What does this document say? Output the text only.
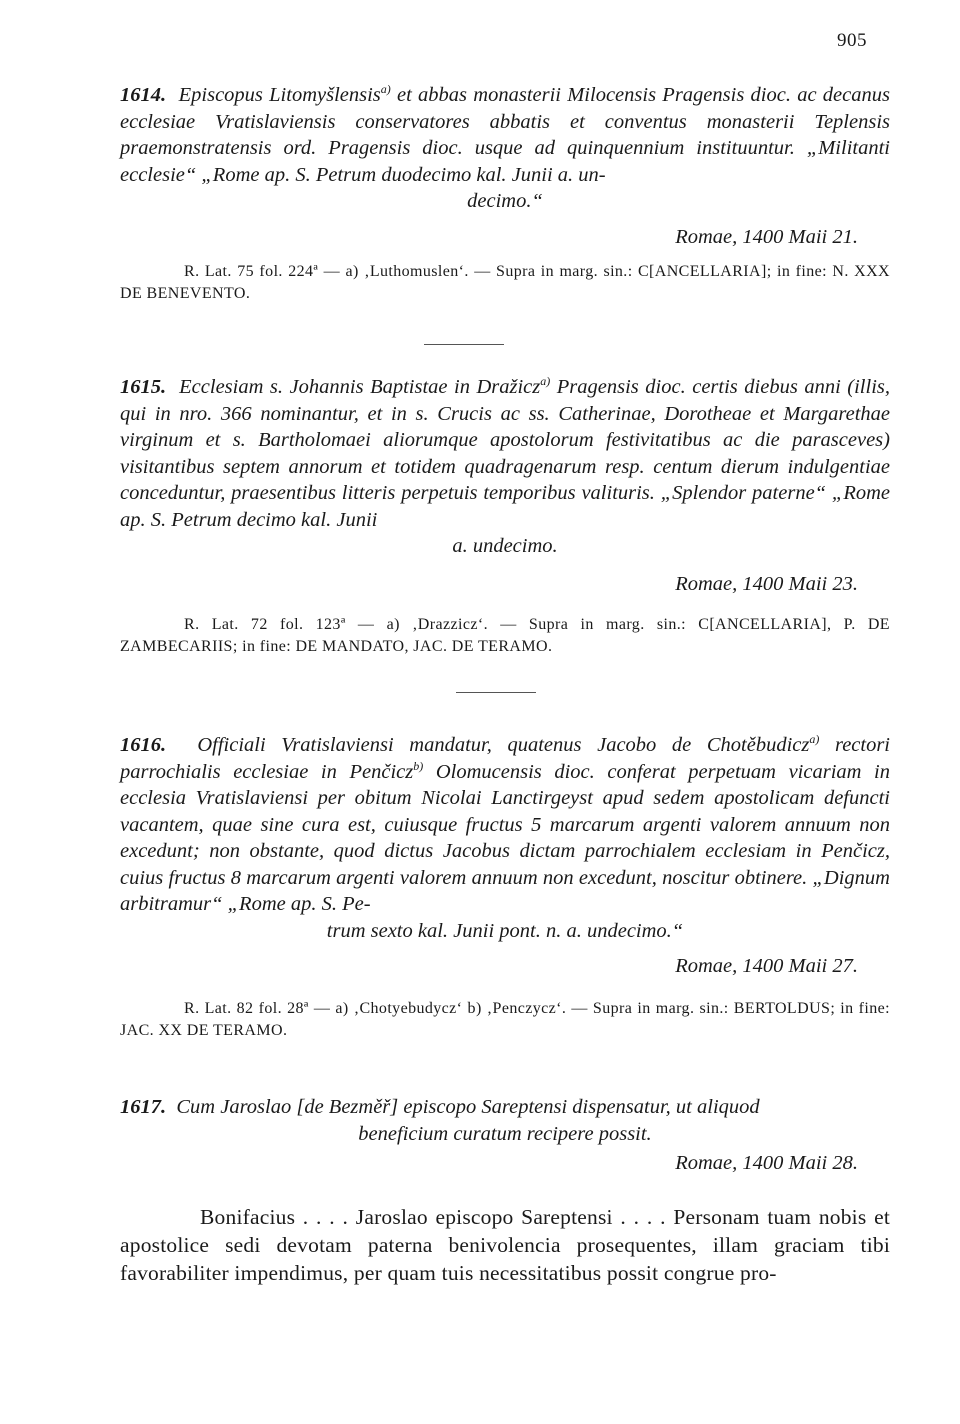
905

1614. Episcopus Litomyšlensis$^{a)}$ et abbas monasterii Milocensis Pragensis dioc. ac decanus ecclesiae Vratislaviensis conservatores abbatis et conventus monasterii Teplensis praemonstratensis ord. Pragensis dioc. usque ad quinquennium instituuntur. „Militanti ecclesie“ „Rome ap. S. Petrum duodecimo kal. Junii a. un-

decimo.“

Romae, 1400 Maii 21.

R. Lat. 75 fol. 224ª — a) ‚Luthomuslen‘. — Supra in marg. sin.: C[ANCELLARIA]; in fine: N. XXX DE BENEVENTO.

1615. Ecclesiam s. Johannis Baptistae in Dražicz$^{a)}$ Pragensis dioc. certis diebus anni (illis, qui in nro. 366 nominantur, et in s. Crucis ac ss. Catherinae, Dorotheae et Margarethae virginum et s. Bartholomaei aliorumque apostolorum festivitatibus ac die parasceves) visitantibus septem annorum et totidem quadragenarum resp. centum dierum indulgentiae conceduntur, praesentibus litteris perpetuis temporibus valituris. „Splendor paterne“ „Rome ap. S. Petrum decimo kal. Junii

a. undecimo.

Romae, 1400 Maii 23.

R. Lat. 72 fol. 123ª — a) ‚Drazzicz‘. — Supra in marg. sin.: C[ANCELLARIA], P. DE ZAMBECARIIS; in fine: DE MANDATO, JAC. DE TERAMO.

1616. Officiali Vratislaviensi mandatur, quatenus Jacobo de Chotěbudicz$^{a)}$ rectori parrochialis ecclesiae in Penčicz$^{b)}$ Olomucensis dioc. conferat perpetuam vicariam in ecclesia Vratislaviensi per obitum Nicolai Lanctirgeyst apud sedem apostolicam defuncti vacantem, quae sine cura est, cuiusque fructus 5 marcarum argenti valorem annuum non excedunt; non obstante, quod dictus Jacobus dictam parrochialem ecclesiam in Penčicz, cuius fructus 8 marcarum argenti valorem annuum non excedunt, noscitur obtinere. „Dignum arbitramur“ „Rome ap. S. Pe-

trum sexto kal. Junii pont. n. a. undecimo.“

Romae, 1400 Maii 27.

R. Lat. 82 fol. 28ª — a) ‚Chotyebudycz‘ b) ‚Penczycz‘. — Supra in marg. sin.: BERTOLDUS; in fine: JAC. XX DE TERAMO.

1617. Cum Jaroslao [de Bezměř] episcopo Sareptensi dispensatur, ut aliquod

beneficium curatum recipere possit.

Romae, 1400 Maii 28.

Bonifacius . . . . Jaroslao episcopo Sareptensi . . . . Personam tuam nobis et apostolice sedi devotam paterna benivolencia prosequentes, illam graciam tibi favorabiliter impendimus, per quam tuis necessitatibus possit congrue pro-
